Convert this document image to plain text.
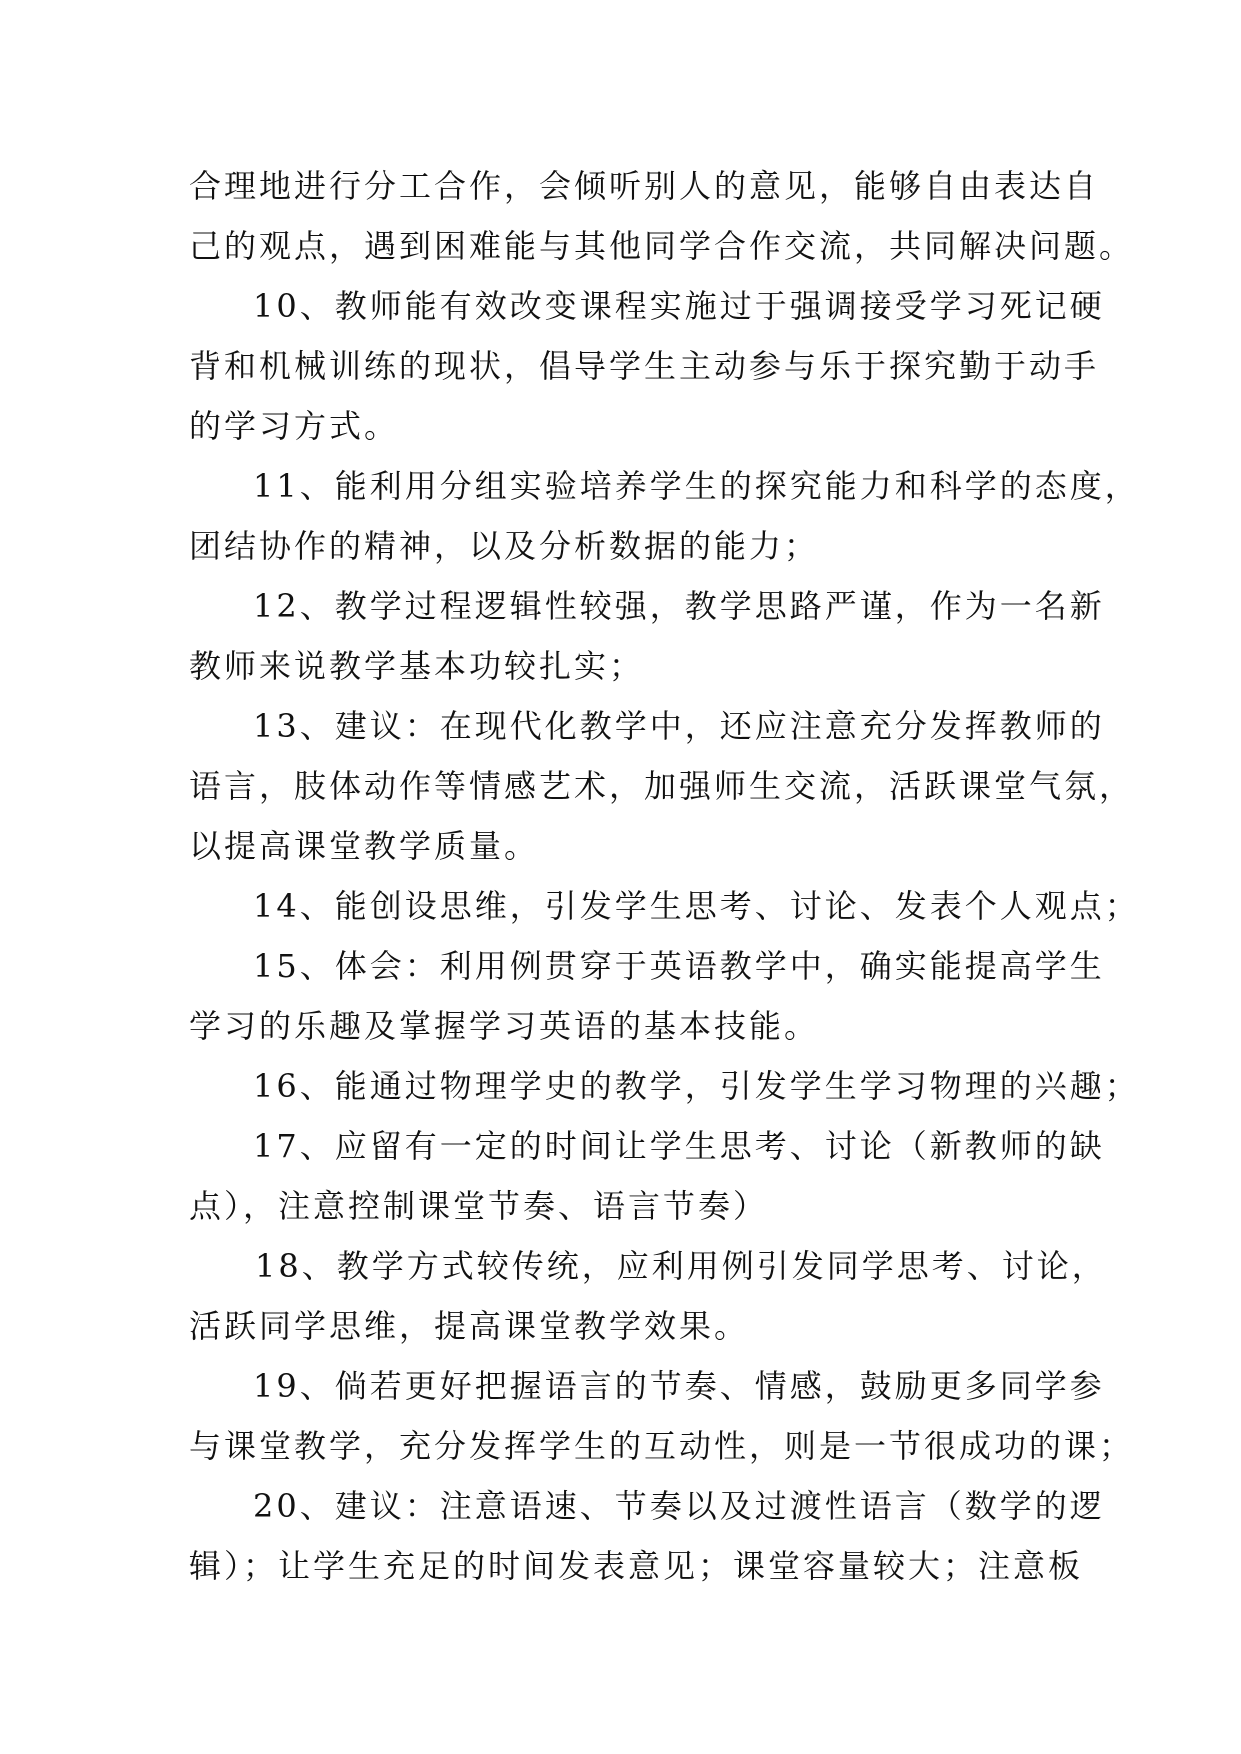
合理地进行分工合作，会倾听别人的意见，能够自由表达自

己的观点，遇到困难能与其他同学合作交流，共同解决问题。

10、教师能有效改变课程实施过于强调接受学习死记硬

背和机械训练的现状，倡导学生主动参与乐于探究勤于动手

的学习方式。

11、能利用分组实验培养学生的探究能力和科学的态度，

团结协作的精神，以及分析数据的能力；

12、教学过程逻辑性较强，教学思路严谨，作为一名新

教师来说教学基本功较扎实；

13、建议：在现代化教学中，还应注意充分发挥教师的

语言，肢体动作等情感艺术，加强师生交流，活跃课堂气氛，

以提高课堂教学质量。

14、能创设思维，引发学生思考、讨论、发表个人观点；

15、体会：利用例贯穿于英语教学中，确实能提高学生

学习的乐趣及掌握学习英语的基本技能。

16、能通过物理学史的教学，引发学生学习物理的兴趣；

17、应留有一定的时间让学生思考、讨论（新教师的缺

点），注意控制课堂节奏、语言节奏）

18、教学方式较传统，应利用例引发同学思考、讨论，

活跃同学思维，提高课堂教学效果。

19、倘若更好把握语言的节奏、情感，鼓励更多同学参

与课堂教学，充分发挥学生的互动性，则是一节很成功的课；

20、建议：注意语速、节奏以及过渡性语言（数学的逻

辑）；让学生充足的时间发表意见；课堂容量较大；注意板
